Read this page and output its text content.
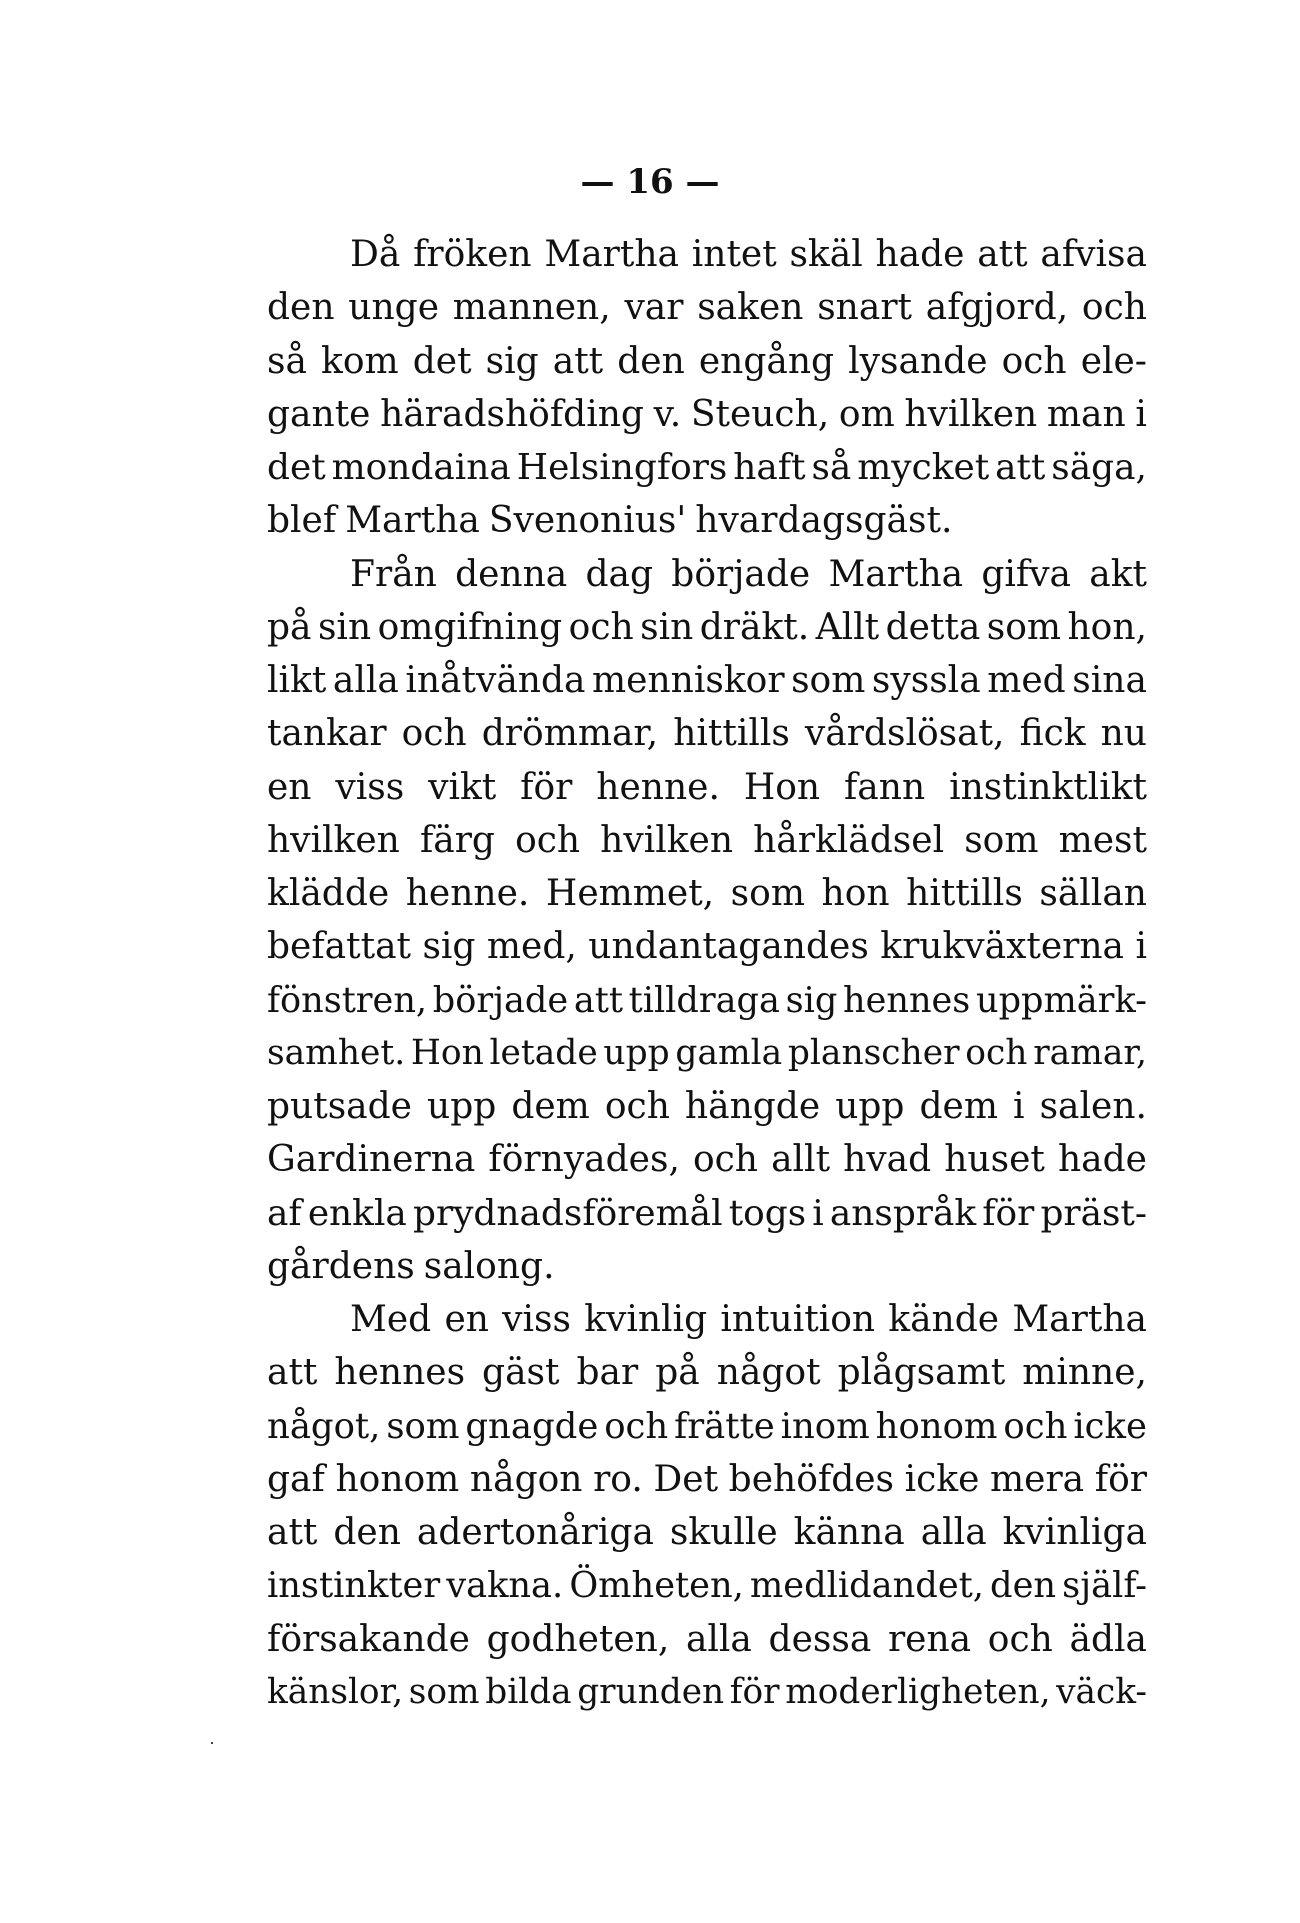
— 16 —
Då fröken Martha intet skäl hade att afvisa
den unge mannen, var saken snart afgjord, och
så kom det sig att den engång lysande och ele-
gante häradshöfding v. Steuch, om hvilken man i
det mondaina Helsingfors haft så mycket att säga,
blef Martha Svenonius' hvardagsgäst.
Från denna dag började Martha gifva akt
på sin omgifning och sin dräkt. Allt detta som hon,
likt alla inåtvända menniskor som syssla med sina
tankar och drömmar, hittills vårdslösat, fick nu
en viss vikt för henne. Hon fann instinktlikt
hvilken färg och hvilken hårklädsel som mest
klädde henne. Hemmet, som hon hittills sällan
befattat sig med, undantagandes krukväxterna i
fönstren, började att tilldraga sig hennes uppmärk-
samhet. Hon letade upp gamla planscher och ramar,
putsade upp dem och hängde upp dem i salen.
Gardinerna förnyades, och allt hvad huset hade
af enkla prydnadsföremål togs i anspråk för präst-
gårdens salong.
Med en viss kvinlig intuition kände Martha
att hennes gäst bar på något plågsamt minne,
något, som gnagde och frätte inom honom och icke
gaf honom någon ro. Det behöfdes icke mera för
att den adertonåriga skulle känna alla kvinliga
instinkter vakna. Ömheten, medlidandet, den själf-
försakande godheten, alla dessa rena och ädla
känslor, som bilda grunden för moderligheten, väck-
